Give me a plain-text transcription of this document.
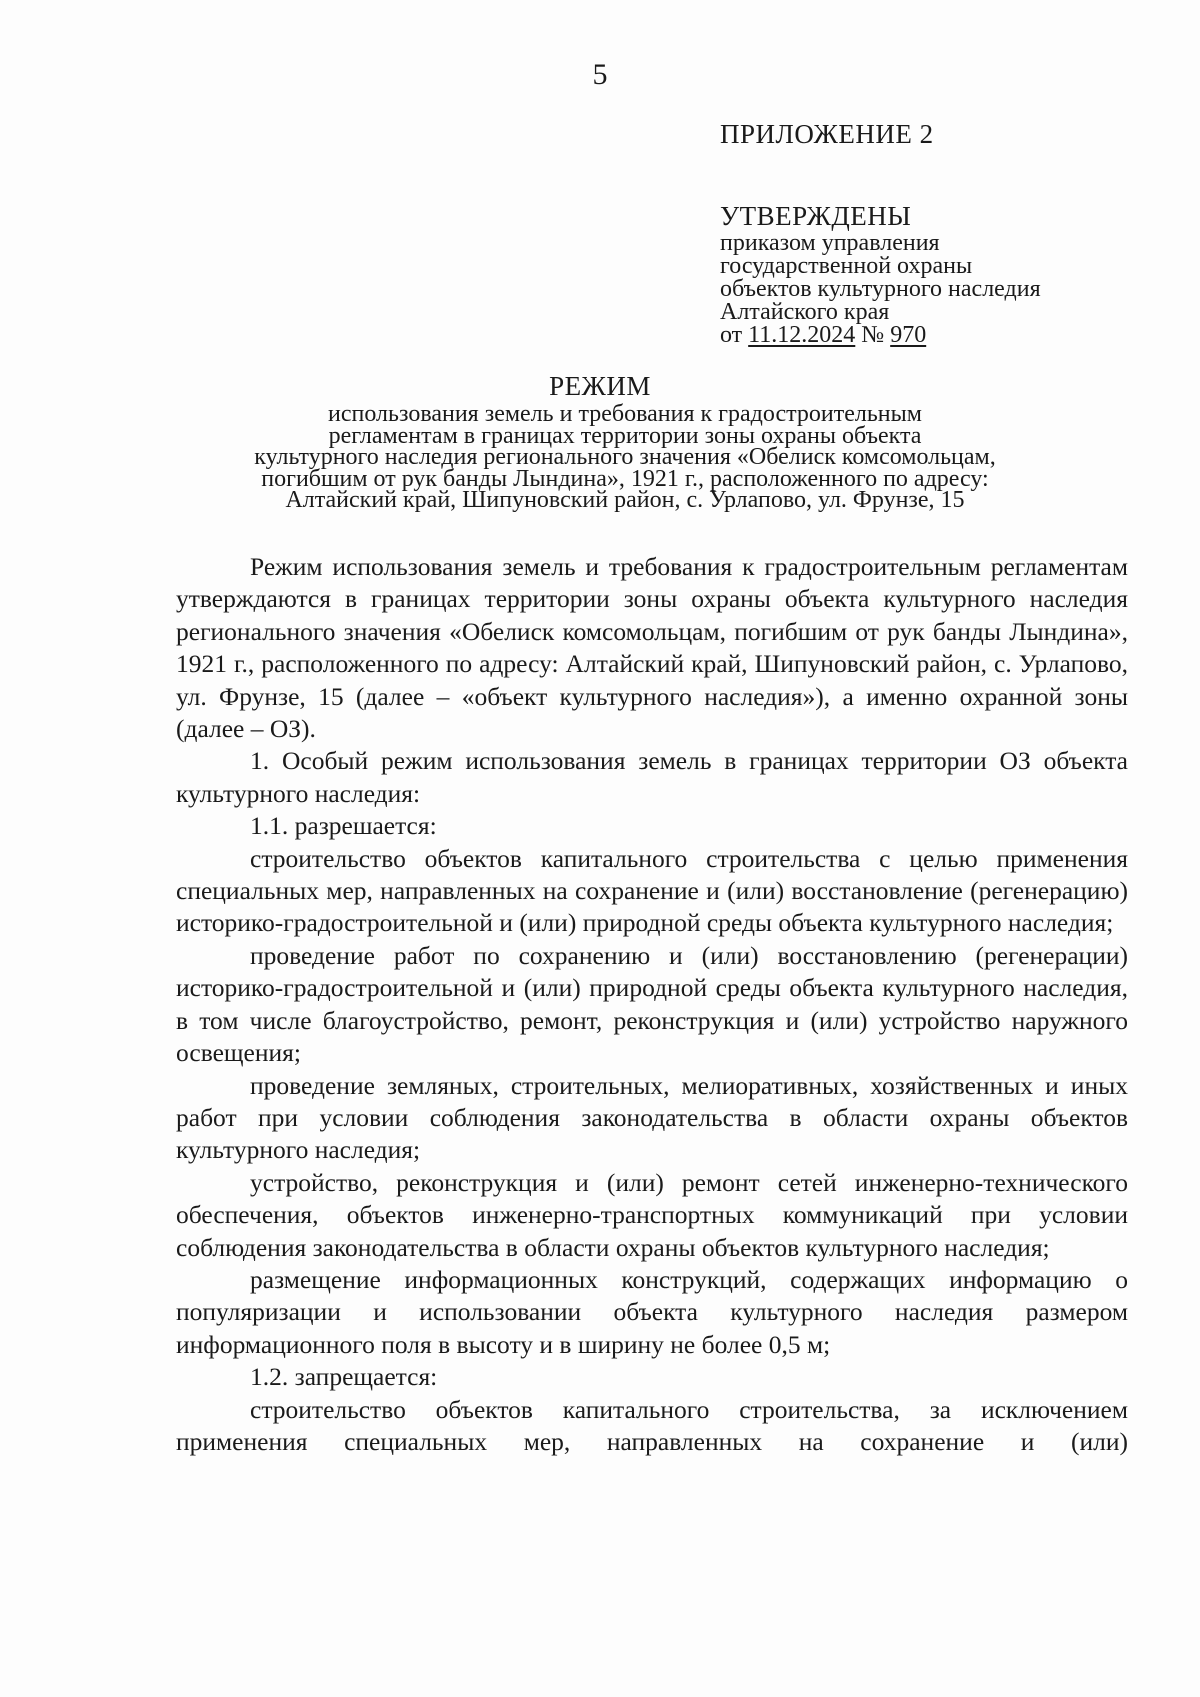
5

ПРИЛОЖЕНИЕ 2

УТВЕРЖДЕНЫ

приказом управления

государственной охраны

объектов культурного наследия

Алтайского края

от 11.12.2024 № 970

РЕЖИМ

использования земель и требования к градостроительным

регламентам в границах территории зоны охраны объекта

культурного наследия регионального значения «Обелиск комсомольцам,

погибшим от рук банды Лындина», 1921 г., расположенного по адресу:

Алтайский край, Шипуновский район, с. Урлапово, ул. Фрунзе, 15

Режим использования земель и требования к градостроительным регламентам утверждаются в границах территории зоны охраны объекта культурного наследия регионального значения «Обелиск комсомольцам, погибшим от рук банды Лындина», 1921 г., расположенного по адресу: Алтайский край, Шипуновский район, с. Урлапово, ул. Фрунзе, 15 (далее – «объект культурного наследия»), а именно охранной зоны (далее – ОЗ).

1. Особый режим использования земель в границах территории ОЗ объекта культурного наследия:

1.1. разрешается:

строительство объектов капитального строительства с целью применения специальных мер, направленных на сохранение и (или) восстановление (регенерацию) историко-градостроительной и (или) природной среды объекта культурного наследия;

проведение работ по сохранению и (или) восстановлению (регенерации) историко-градостроительной и (или) природной среды объекта культурного наследия, в том числе благоустройство, ремонт, реконструкция и (или) устройство наружного освещения;

проведение земляных, строительных, мелиоративных, хозяйственных и иных работ при условии соблюдения законодательства в области охраны объектов культурного наследия;

устройство, реконструкция и (или) ремонт сетей инженерно-технического обеспечения, объектов инженерно-транспортных коммуникаций при условии соблюдения законодательства в области охраны объектов культурного наследия;

размещение информационных конструкций, содержащих информацию о популяризации и использовании объекта культурного наследия размером информационного поля в высоту и в ширину не более 0,5 м;

1.2. запрещается:

строительство объектов капитального строительства, за исключением применения специальных мер, направленных на сохранение и (или)
